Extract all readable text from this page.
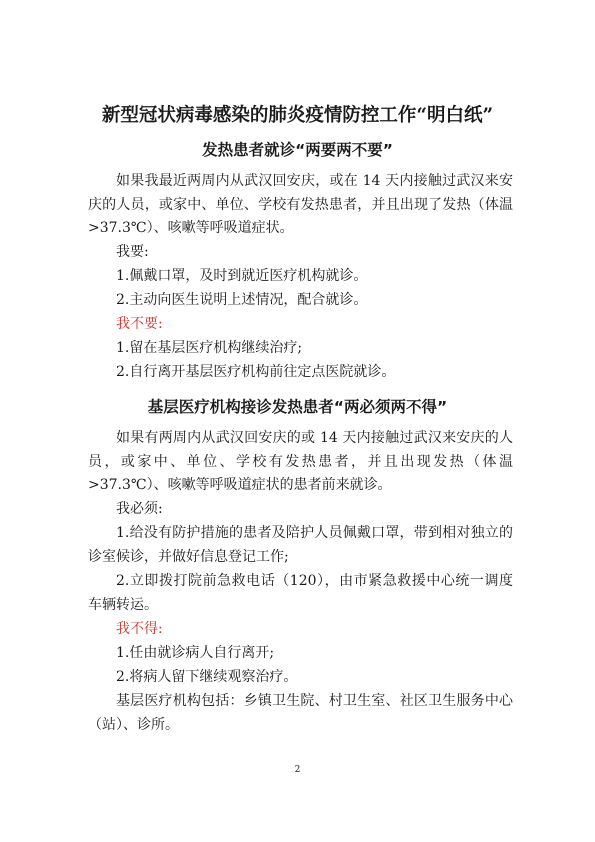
新型冠状病毒感染的肺炎疫情防控工作“明白纸”
发热患者就诊“两要两不要”

如果我最近两周内从武汉回安庆，或在 14 天内接触过武汉来安庆的人员，或家中、单位、学校有发热患者，并且出现了发热（体温>37.3℃）、咳嗽等呼吸道症状。

我要:

1.佩戴口罩，及时到就近医疗机构就诊。

2.主动向医生说明上述情况，配合就诊。

我不要:

1.留在基层医疗机构继续治疗;

2.自行离开基层医疗机构前往定点医院就诊。

基层医疗机构接诊发热患者“两必须两不得”

如果有两周内从武汉回安庆的或 14 天内接触过武汉来安庆的人员，或家中、单位、学校有发热患者，并且出现发热（体温>37.3℃）、咳嗽等呼吸道症状的患者前来就诊。

我必须:

1.给没有防护措施的患者及陪护人员佩戴口罩，带到相对独立的诊室候诊，并做好信息登记工作;

2.立即拨打院前急救电话（120），由市紧急救援中心统一调度车辆转运。

我不得:

1.任由就诊病人自行离开;

2.将病人留下继续观察治疗。

基层医疗机构包括：乡镇卫生院、村卫生室、社区卫生服务中心（站）、诊所。

2
